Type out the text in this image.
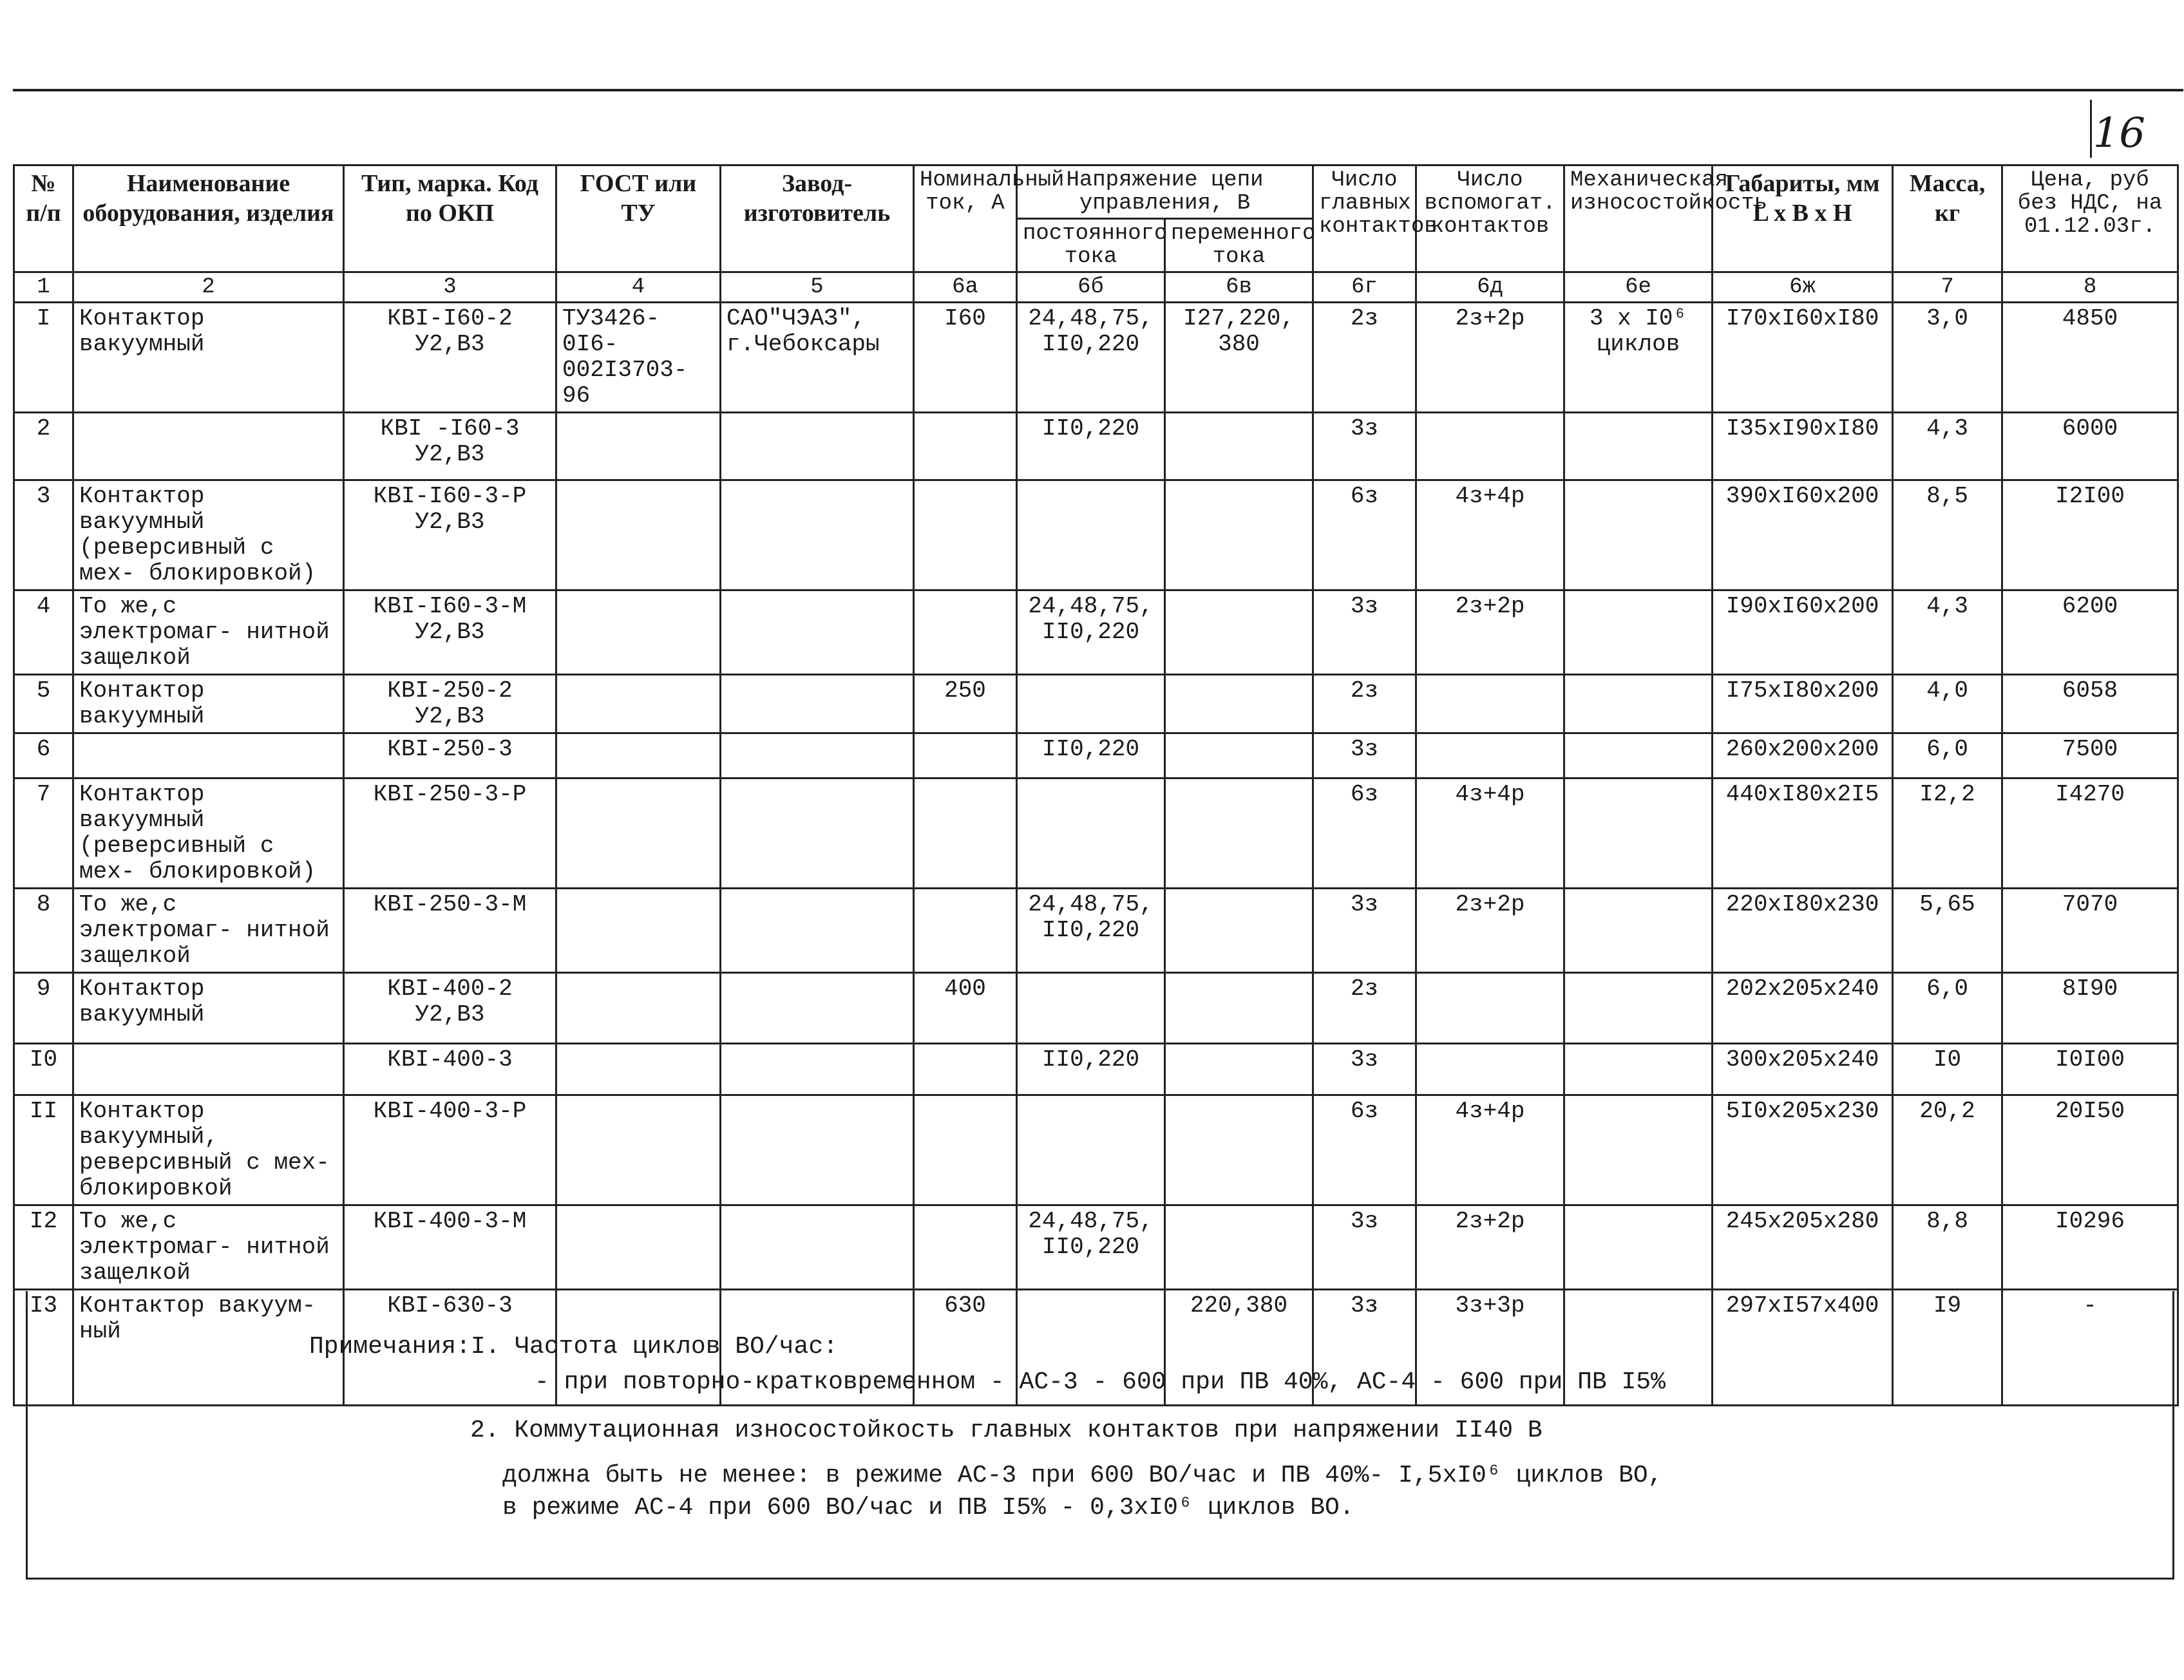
16
№ п/п	Наименование оборудования, изделия	Тип, марка. Код по ОКП	ГОСТ или ТУ	Завод-изготовитель	Номинальный ток, А	Напряжение цепи управления, В		Число главных контактов	Число вспомогат. контактов	Механическая износостойкость	Габариты, мм L x B x H	Масса, кг	Цена, руб без НДС, на 01.12.03г.
						постоянного тока	переменного тока						
1	2	3	4	5	6а	6б	6в	6г	6д	6е	6ж	7	8
I	Контактор вакуумный	КВI-I60-2 У2,В3	ТУ3426-0I6-002I3703-96	САО"ЧЭАЗ", г.Чебоксары	I60	24,48,75, II0,220	I27,220, 380	2з	2з+2р	3 x I0⁶ циклов	I70xI60xI80	3,0	4850
2		КВI -I60-3 У2,В3				II0,220		3з			I35xI90xI80	4,3	6000
3	Контактор вакуумный (реверсивный с мех- блокировкой)	КВI-I60-3-Р У2,В3						6з	4з+4р		390xI60x200	8,5	I2I00
4	То же,с электромаг- нитной защелкой	КВI-I60-3-М У2,В3				24,48,75, II0,220		3з	2з+2р		I90xI60x200	4,3	6200
5	Контактор вакуумный	КВI-250-2 У2,В3			250			2з			I75xI80x200	4,0	6058
6		КВI-250-3				II0,220		3з			260x200x200	6,0	7500
7	Контактор вакуумный (реверсивный с мех- блокировкой)	КВI-250-3-Р						6з	4з+4р		440xI80x2I5	I2,2	I4270
8	То же,с электромаг- нитной защелкой	КВI-250-3-М				24,48,75, II0,220		3з	2з+2р		220xI80x230	5,65	7070
9	Контактор вакуумный	КВI-400-2 У2,В3			400			2з			202x205x240	6,0	8I90
I0		КВI-400-3				II0,220		3з			300x205x240	I0	I0I00
II	Контактор вакуумный, реверсивный с мех- блокировкой	КВI-400-3-Р						6з	4з+4р		5I0x205x230	20,2	20I50
I2	То же,с электромаг- нитной защелкой	КВI-400-3-М				24,48,75, II0,220		3з	2з+2р		245x205x280	8,8	I0296
I3	Контактор вакуум- ный	КВI-630-3			630		220,380	3з	3з+3р		297xI57x400	I9	-
Примечания:I. Частота циклов ВО/час:
- при повторно-кратковременном - АС-3 - 600 при ПВ 40%, АС-4 - 600 при ПВ I5%
2. Коммутационная износостойкость главных контактов при напряжении II40 В
должна быть не менее: в режиме АС-3 при 600 ВО/час и ПВ 40%- I,5xI0⁶ циклов ВО,
в режиме АС-4 при 600 ВО/час и ПВ I5% - 0,3xI0⁶ циклов ВО.
